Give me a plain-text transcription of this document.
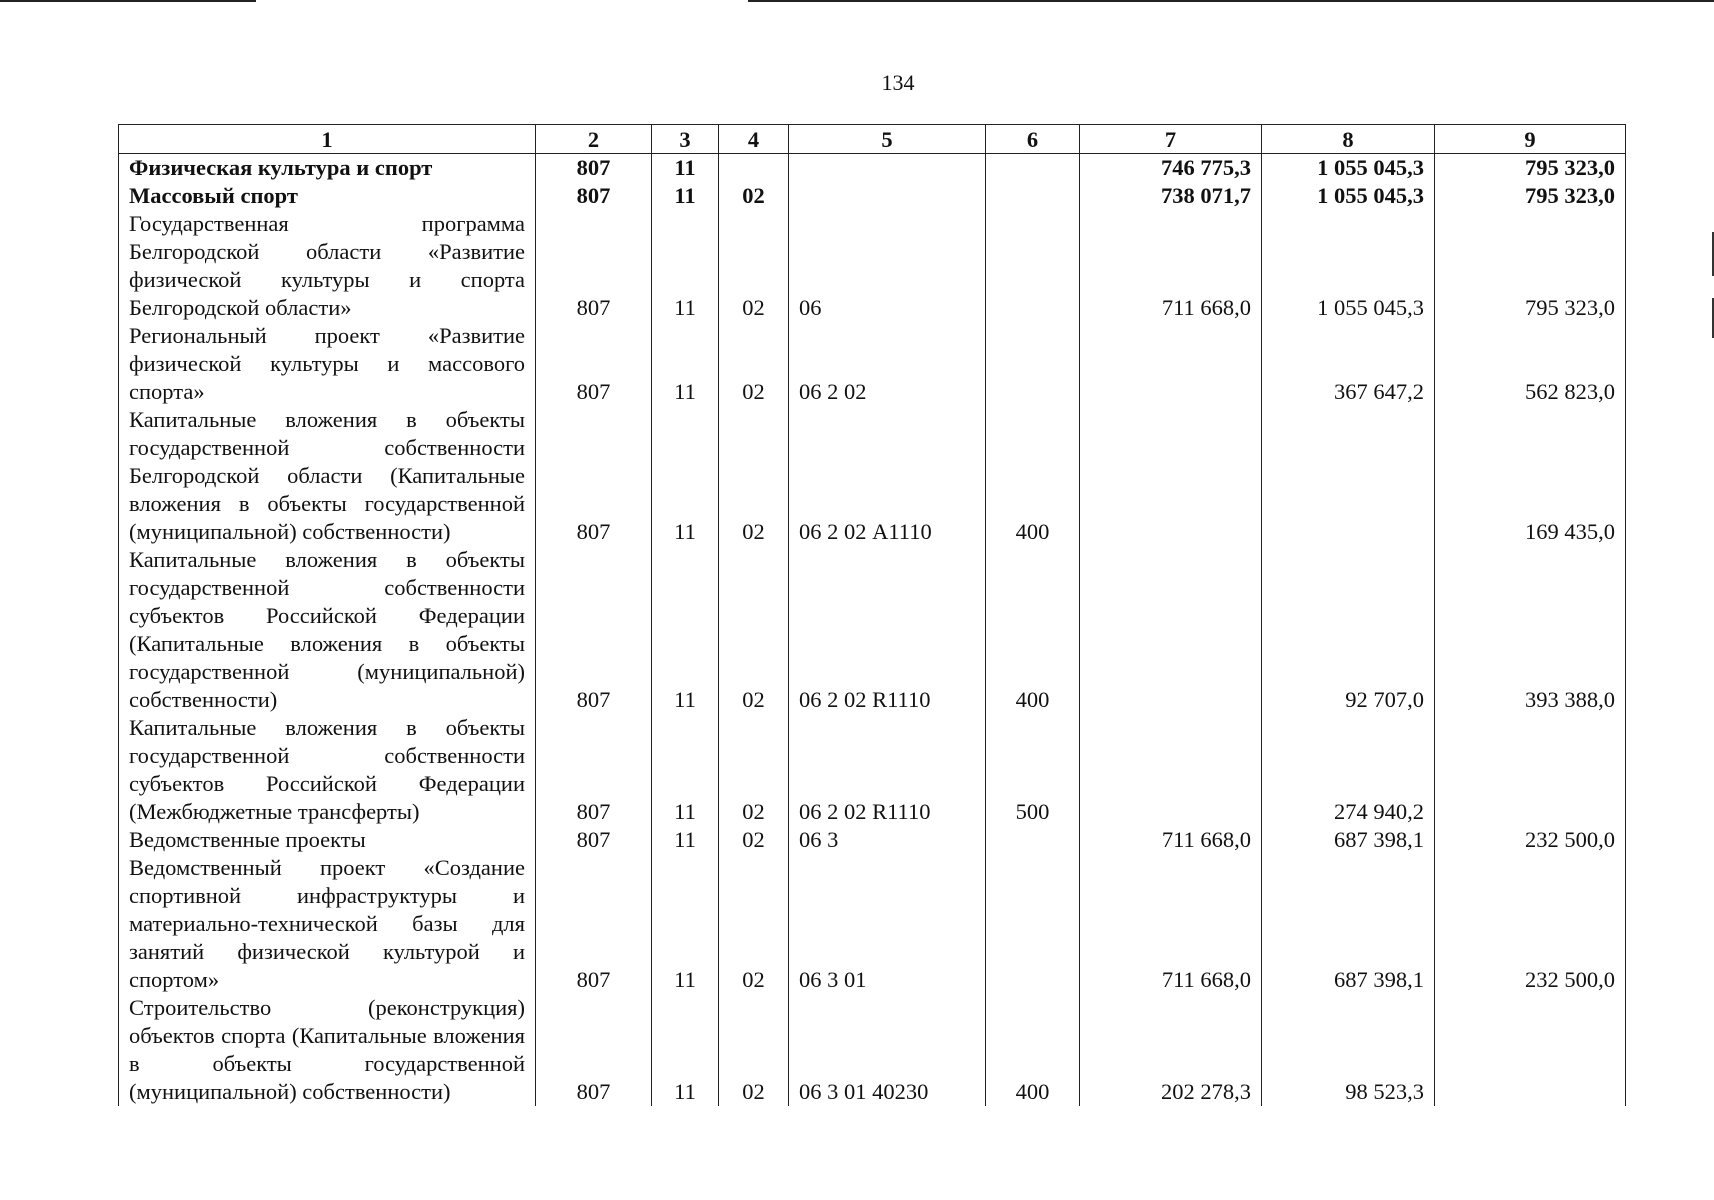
134
1	2	3	4	5	6	7	8	9
Физическая культура и спорт	807	11				746 775,3	1 055 045,3	795 323,0
Массовый спорт	807	11	02			738 071,7	1 055 045,3	795 323,0
Государственная программа Белгородской области «Развитие физической культуры и спорта Белгородской области»	807	11	02	06		711 668,0	1 055 045,3	795 323,0
Региональный проект «Развитие физической культуры и массового спорта»	807	11	02	06 2 02			367 647,2	562 823,0
Капитальные вложения в объекты государственной собственности Белгородской области (Капитальные вложения в объекты государственной (муниципальной) собственности)	807	11	02	06 2 02 А1110	400			169 435,0
Капитальные вложения в объекты государственной собственности субъектов Российской Федерации (Капитальные вложения в объекты государственной (муниципальной) собственности)	807	11	02	06 2 02 R1110	400		92 707,0	393 388,0
Капитальные вложения в объекты государственной собственности субъектов Российской Федерации (Межбюджетные трансферты)	807	11	02	06 2 02 R1110	500		274 940,2	
Ведомственные проекты	807	11	02	06 3		711 668,0	687 398,1	232 500,0
Ведомственный проект «Создание спортивной инфраструктуры и материально-технической базы для занятий физической культурой и спортом»	807	11	02	06 3 01		711 668,0	687 398,1	232 500,0
Строительство (реконструкция) объектов спорта (Капитальные вложения в объекты государственной (муниципальной) собственности)	807	11	02	06 3 01 40230	400	202 278,3	98 523,3	
